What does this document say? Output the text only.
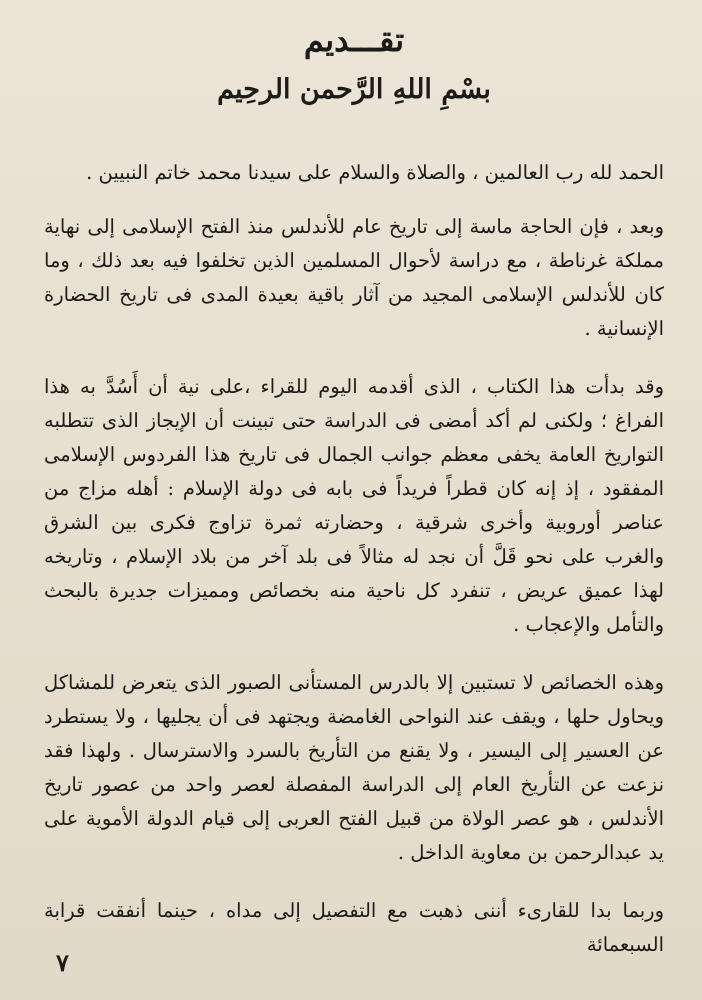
تقـــديم
بسْمِ اللهِ الرَّحمن الرحِيم

الحمد لله رب العالمين ، والصلاة والسلام على سيدنا محمد خاتم النبيين .

وبعد ، فإن الحاجة ماسة إلى تاريخ عام للأندلس منذ الفتح الإسلامى إلى نهاية مملكة غرناطة ، مع دراسة لأحوال المسلمين الذين تخلفوا فيه بعد ذلك ، وما كان للأندلس الإسلامى المجيد من آثار باقية بعيدة المدى فى تاريخ الحضارة الإنسانية .

وقد بدأت هذا الكتاب ، الذى أقدمه اليوم للقراء ،على نية أن أَسُدَّ به هذا الفراغ ؛ ولكنى لم أكد أمضى فى الدراسة حتى تبينت أن الإيجاز الذى تتطلبه التواريخ العامة يخفى معظم جوانب الجمال فى تاريخ هذا الفردوس الإسلامى المفقود ، إذ إنه كان قطراً فريداً فى بابه فى دولة الإسلام : أهله مزاج من عناصر أوروبية وأخرى شرقية ، وحضارته ثمرة تزاوج فكرى بين الشرق والغرب على نحو قَلَّ أن نجد له مثالاً فى بلد آخر من بلاد الإسلام ، وتاريخه لهذا عميق عريض ، تنفرد كل ناحية منه بخصائص ومميزات جديرة بالبحث والتأمل والإعجاب .

وهذه الخصائص لا تستبين إلا بالدرس المستأنى الصبور الذى يتعرض للمشاكل ويحاول حلها ، ويقف عند النواحى الغامضة ويجتهد فى أن يجليها ، ولا يستطرد عن العسير إلى اليسير ، ولا يقنع من التأريخ بالسرد والاسترسال . ولهذا فقد نزعت عن التأريخ العام إلى الدراسة المفصلة لعصر واحد من عصور تاريخ الأندلس ، هو عصر الولاة من قبيل الفتح العربى إلى قيام الدولة الأموية على يد عبدالرحمن بن معاوية الداخل .

وربما بدا للقارىء أننى ذهبت مع التفصيل إلى مداه ، حينما أنفقت قرابة السبعمائة

٧
